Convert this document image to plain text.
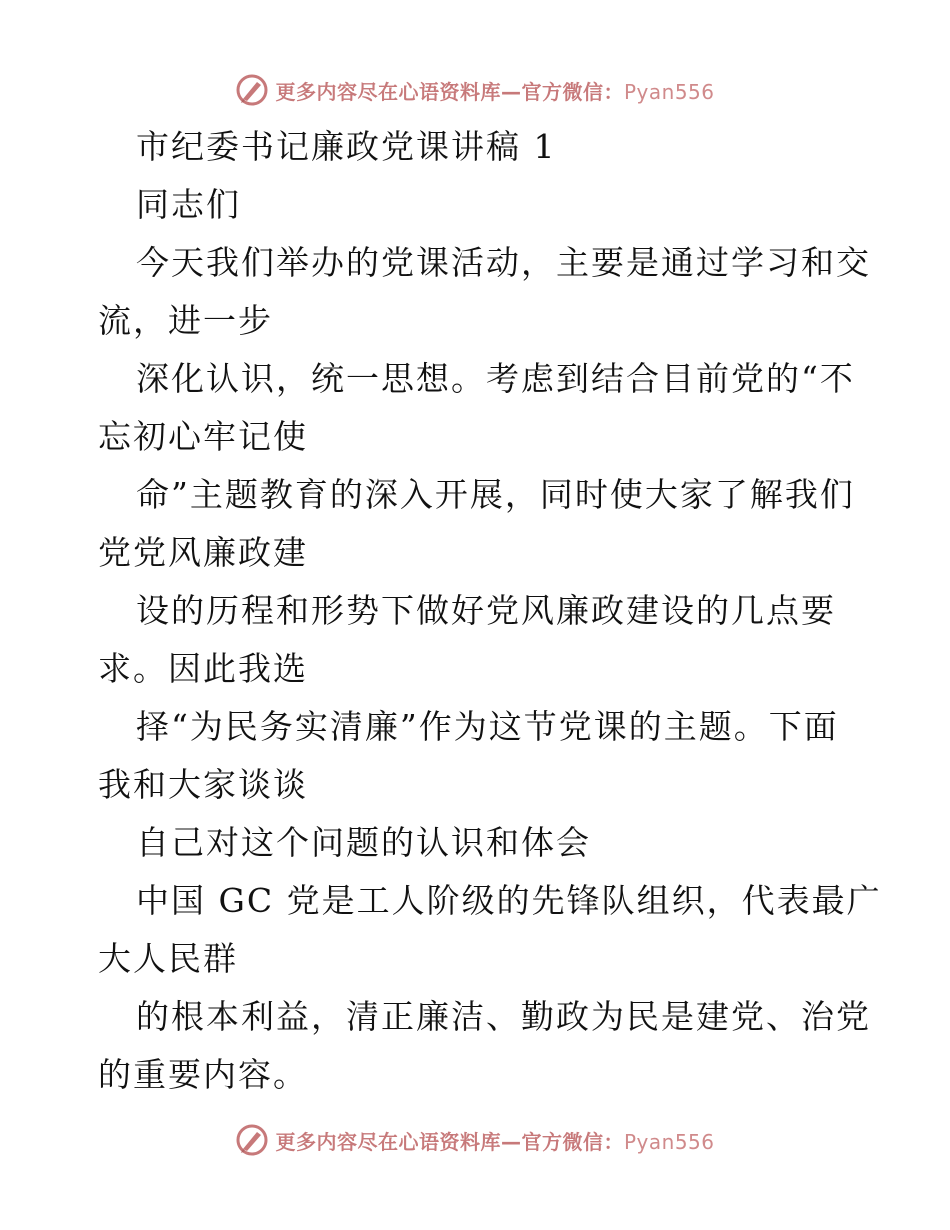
更多内容尽在心语资料库—官方微信：Pyan556
市纪委书记廉政党课讲稿 1
同志们
今天我们举办的党课活动，主要是通过学习和交
流，进一步
深化认识，统一思想。考虑到结合目前党的“不
忘初心牢记使
命”主题教育的深入开展，同时使大家了解我们
党党风廉政建
设的历程和形势下做好党风廉政建设的几点要
求。因此我选
择“为民务实清廉”作为这节党课的主题。下面
我和大家谈谈
自己对这个问题的认识和体会
中国 GC 党是工人阶级的先锋队组织，代表最广
大人民群
的根本利益，清正廉洁、勤政为民是建党、治党
的重要内容。
更多内容尽在心语资料库—官方微信：Pyan556
